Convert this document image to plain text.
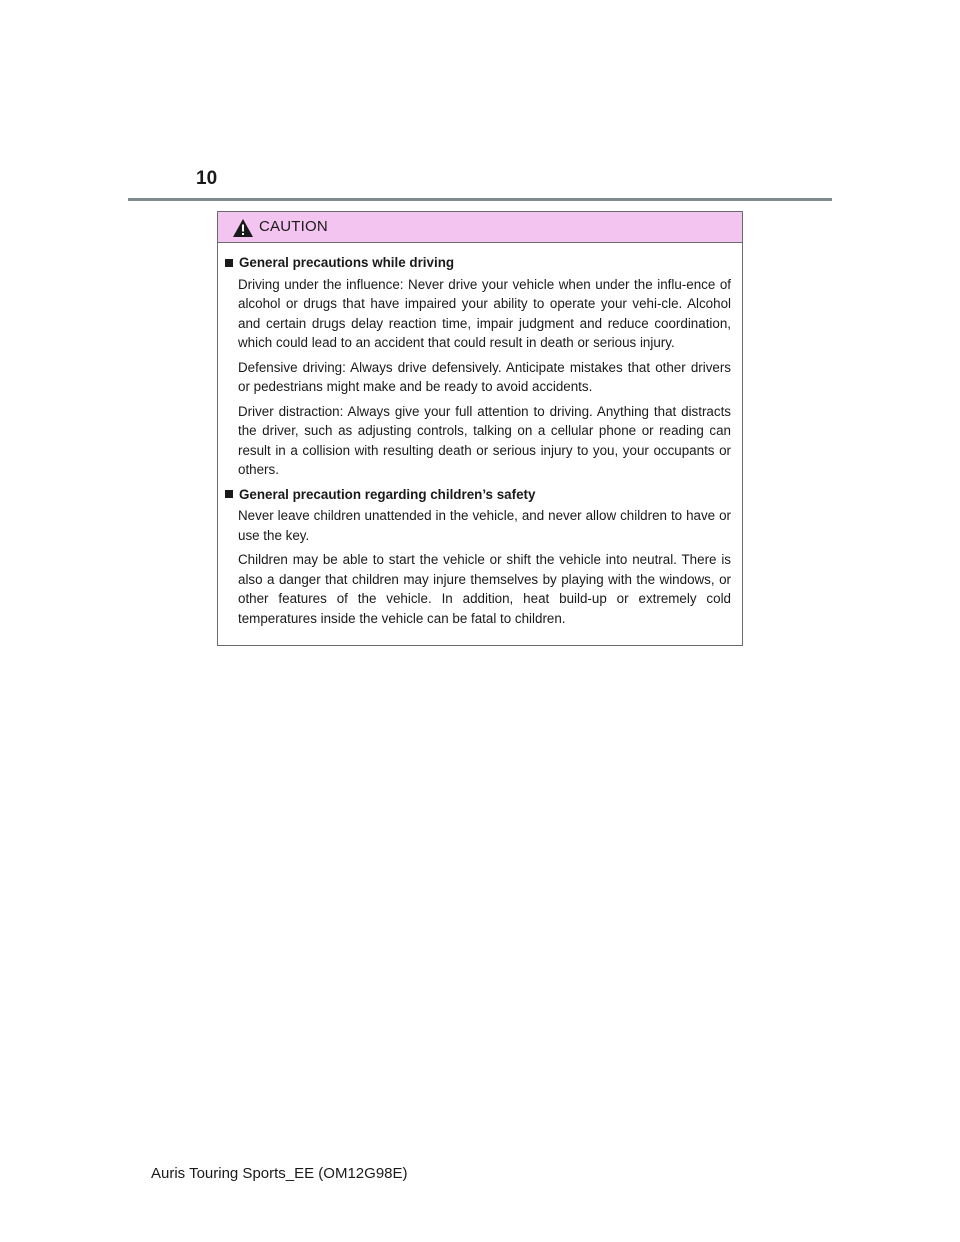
10
CAUTION
General precautions while driving

Driving under the influence: Never drive your vehicle when under the influ-ence of alcohol or drugs that have impaired your ability to operate your vehi-cle. Alcohol and certain drugs delay reaction time, impair judgment and reduce coordination, which could lead to an accident that could result in death or serious injury.

Defensive driving: Always drive defensively. Anticipate mistakes that other drivers or pedestrians might make and be ready to avoid accidents.

Driver distraction: Always give your full attention to driving. Anything that distracts the driver, such as adjusting controls, talking on a cellular phone or reading can result in a collision with resulting death or serious injury to you, your occupants or others.

General precaution regarding children’s safety

Never leave children unattended in the vehicle, and never allow children to have or use the key.

Children may be able to start the vehicle or shift the vehicle into neutral. There is also a danger that children may injure themselves by playing with the windows, or other features of the vehicle. In addition, heat build-up or extremely cold temperatures inside the vehicle can be fatal to children.

Auris Touring Sports_EE (OM12G98E)
